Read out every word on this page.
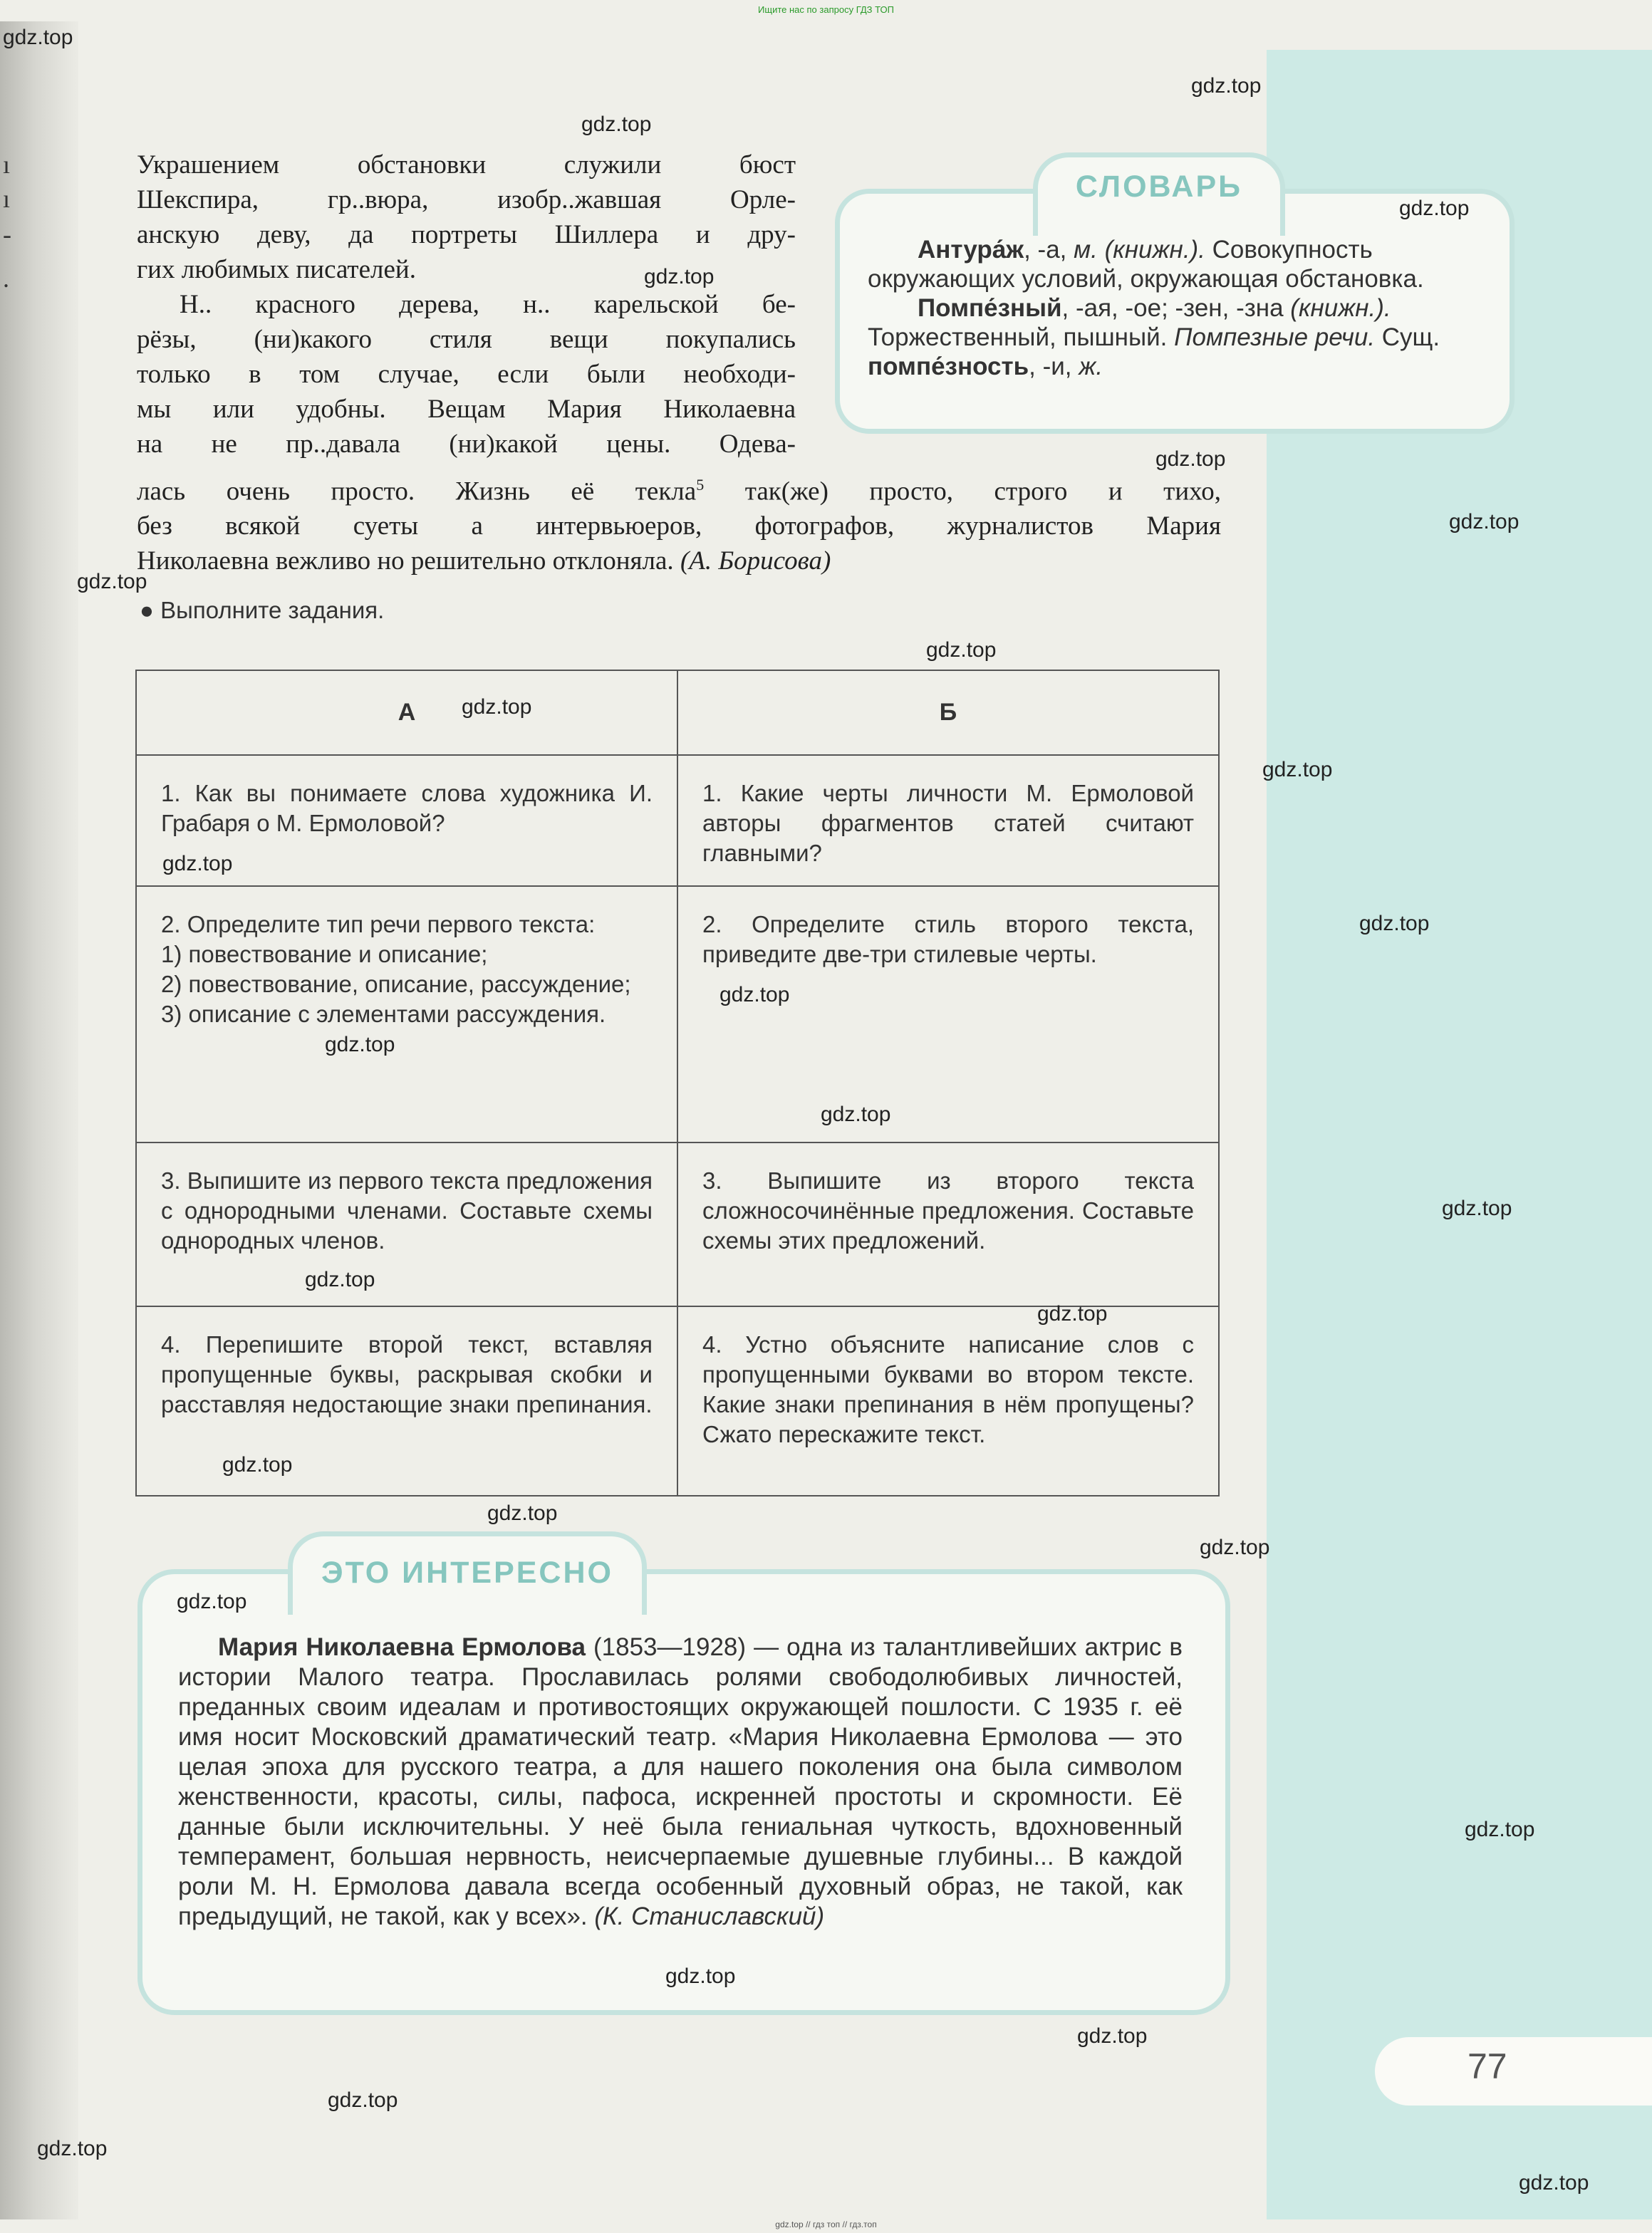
Ищите нас по запросу ГДЗ ТОП
ı
ı
-
.
Украшением обстановки служили бюст
Шекспира, гр..вюра, изобр..жавшая Орле-
анскую деву, да портреты Шиллера и дру-
гих любимых писателей.
Н.. красного дерева, н.. карельской бе-
рёзы, (ни)какого стиля вещи покупались
только в том случае, если были необходи-
мы или удобны. Вещам Мария Николаевна
на не пр..давала (ни)какой цены. Одева-
лась очень просто. Жизнь её текла$^5$ так(же) просто, строго и тихо,
без всякой суеты а интервьюеров, фотографов, журналистов Мария
Николаевна вежливо но решительно отклоняла. (А. Борисова)
СЛОВАРЬ
Антура́ж, -а, м. (книжн.). Совокупность окружающих условий, окружающая обстановка.
Помпе́зный, -ая, -ое; -зен, -зна (книжн.). Торжественный, пышный. Помпезные речи. Сущ. помпе́зность, -и, ж.
● Выполните задания.
А	Б
1. Как вы понимаете слова художника И. Грабаря о М. Ермоловой?	1. Какие черты личности М. Ермоловой авторы фрагментов статей считают главными?
2. Определите тип речи первого текста:
1) повествование и описание;
2) повествование, описание, рассуждение;
3) описание с элементами рассуждения.	2. Определите стиль второго текста, приведите две-три стилевые черты.
3. Выпишите из первого текста предложения с однородными членами. Составьте схемы однородных членов.	3. Выпишите из второго текста сложносочинённые предложения. Составьте схемы этих предложений.
4. Перепишите второй текст, вставляя пропущенные буквы, раскрывая скобки и расставляя недостающие знаки препинания.	4. Устно объясните написание слов с пропущенными буквами во втором тексте. Какие знаки препинания в нём пропущены? Сжато перескажите текст.
ЭТО ИНТЕРЕСНО
Мария Николаевна Ермолова (1853—1928) — одна из талантливейших актрис в истории Малого театра. Прославилась ролями свободолюбивых личностей, преданных своим идеалам и противостоящих окружающей пошлости. С 1935 г. её имя носит Московский драматический театр. «Мария Николаевна Ермолова — это целая эпоха для русского театра, а для нашего поколения она была символом женственности, красоты, силы, пафоса, искренней простоты и скромности. Её данные были исключительны. У неё была гениальная чуткость, вдохновенный темперамент, большая нервность, неисчерпаемые душевные глубины... В каждой роли М. Н. Ермолова давала всегда особенный духовный образ, не такой, как предыдущий, не такой, как у всех». (К. Станиславский)
77
gdz.top
gdz.top
gdz.top
gdz.top
gdz.top
gdz.top
gdz.top
gdz.top
gdz.top
gdz.top
gdz.top
gdz.top
gdz.top
gdz.top
gdz.top
gdz.top
gdz.top
gdz.top
gdz.top
gdz.top
gdz.top
gdz.top
gdz.top
gdz.top
gdz.top
gdz.top
gdz.top
gdz.top
gdz.top
gdz.top // гдз топ // гдз.топ
